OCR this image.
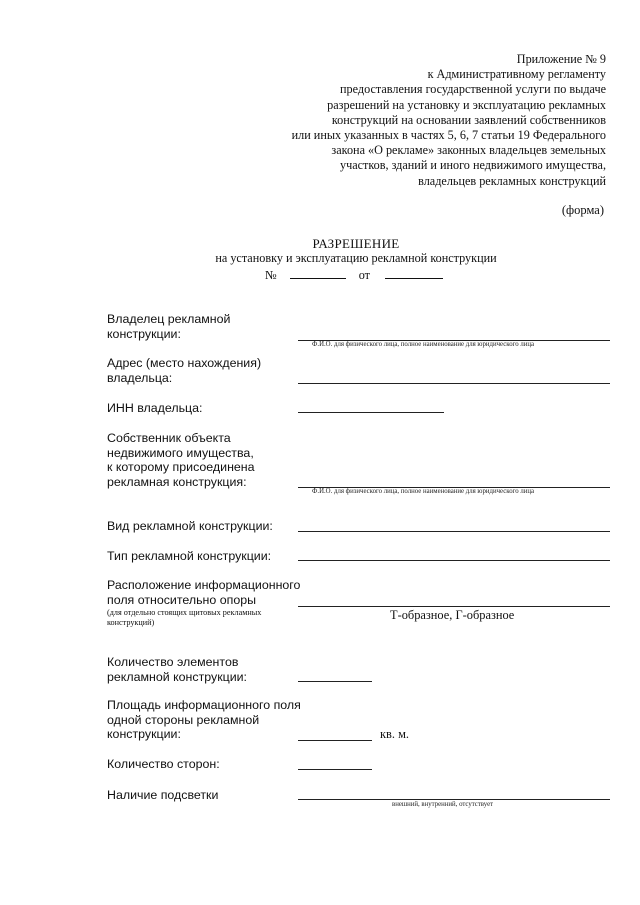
Приложение № 9
к Административному регламенту
предоставления государственной услуги по выдаче
разрешений на установку и эксплуатацию рекламных
конструкций на основании заявлений собственников
или иных указанных в частях 5, 6, 7 статьи 19 Федерального
закона «О рекламе» законных владельцев земельных
участков, зданий и иного недвижимого имущества,
владельцев рекламных конструкций
(форма)
РАЗРЕШЕНИЕ
на установку и эксплуатацию рекламной конструкции
№	от
Владелец рекламной
конструкции:
Ф.И.О. для физического лица, полное наименование для юридического лица
Адрес (место нахождения)
владельца:
ИНН владельца:
Собственник объекта
недвижимого имущества,
к которому присоединена
рекламная конструкция:
Ф.И.О. для физического лица, полное наименование для юридического лица
Вид рекламной конструкции:
Тип рекламной конструкции:
Расположение информационного
поля относительно опоры
(для отдельно стоящих щитовых рекламных
конструкций)
Т-образное, Г-образное
Количество элементов
рекламной конструкции:
Площадь информационного поля
одной стороны рекламной
конструкции:	кв. м.
Количество сторон:
Наличие подсветки
внешний, внутренний, отсутствует
